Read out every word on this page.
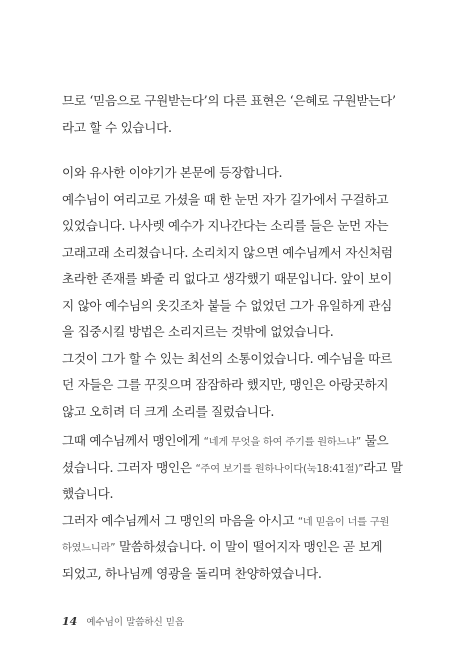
므로 ‘믿음으로 구원받는다’의 다른 표현은 ‘은혜로 구원받는다’
라고 할 수 있습니다.
이와 유사한 이야기가 본문에 등장합니다.
예수님이 여리고로 가셨을 때 한 눈먼 자가 길가에서 구걸하고
있었습니다. 나사렛 예수가 지나간다는 소리를 들은 눈먼 자는
고래고래 소리쳤습니다. 소리치지 않으면 예수님께서 자신처럼
초라한 존재를 봐줄 리 없다고 생각했기 때문입니다. 앞이 보이
지 않아 예수님의 옷깃조차 붙들 수 없었던 그가 유일하게 관심
을 집중시킬 방법은 소리지르는 것밖에 없었습니다.
그것이 그가 할 수 있는 최선의 소통이었습니다. 예수님을 따르
던 자들은 그를 꾸짖으며 잠잠하라 했지만, 맹인은 아랑곳하지
않고 오히려 더 크게 소리를 질렀습니다.
그때 예수님께서 맹인에게 “네게 무엇을 하여 주기를 원하느냐” 물으
셨습니다. 그러자 맹인은 “주여 보기를 원하나이다(눅18:41절)”라고 말
했습니다.
그러자 예수님께서 그 맹인의 마음을 아시고 “네 믿음이 너를 구원
하였느니라” 말씀하셨습니다. 이 말이 떨어지자 맹인은 곧 보게
되었고, 하나님께 영광을 돌리며 찬양하였습니다.
14 예수님이 말씀하신 믿음
